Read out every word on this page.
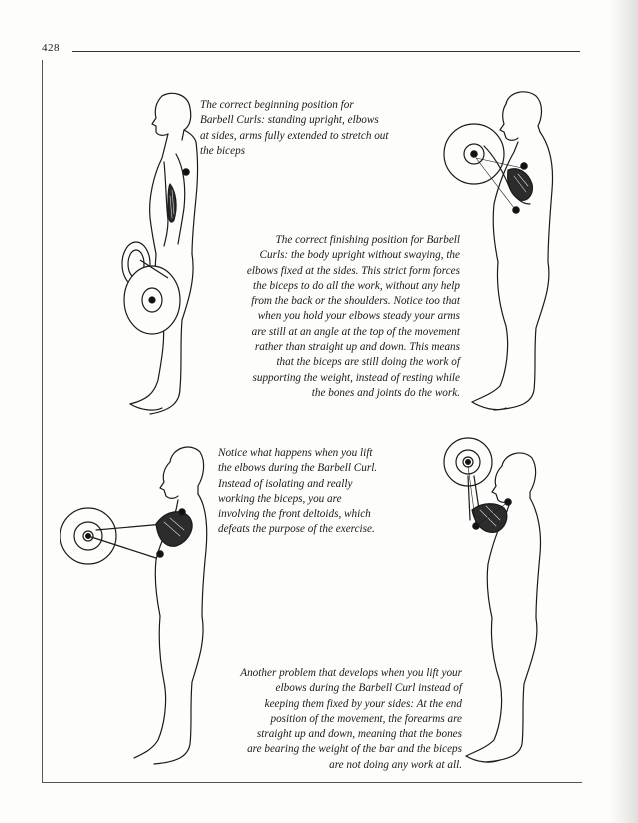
428
The correct beginning position for Barbell Curls: standing upright, elbows at sides, arms fully extended to stretch out the biceps
The correct finishing position for Barbell Curls: the body upright without swaying, the elbows fixed at the sides. This strict form forces the biceps to do all the work, without any help from the back or the shoulders. Notice too that when you hold your elbows steady your arms are still at an angle at the top of the movement rather than straight up and down. This means that the biceps are still doing the work of supporting the weight, instead of resting while the bones and joints do the work.
Notice what happens when you lift the elbows during the Barbell Curl. Instead of isolating and really working the biceps, you are involving the front deltoids, which defeats the purpose of the exercise.
Another problem that develops when you lift your elbows during the Barbell Curl instead of keeping them fixed by your sides: At the end position of the movement, the forearms are straight up and down, meaning that the bones are bearing the weight of the bar and the biceps are not doing any work at all.
